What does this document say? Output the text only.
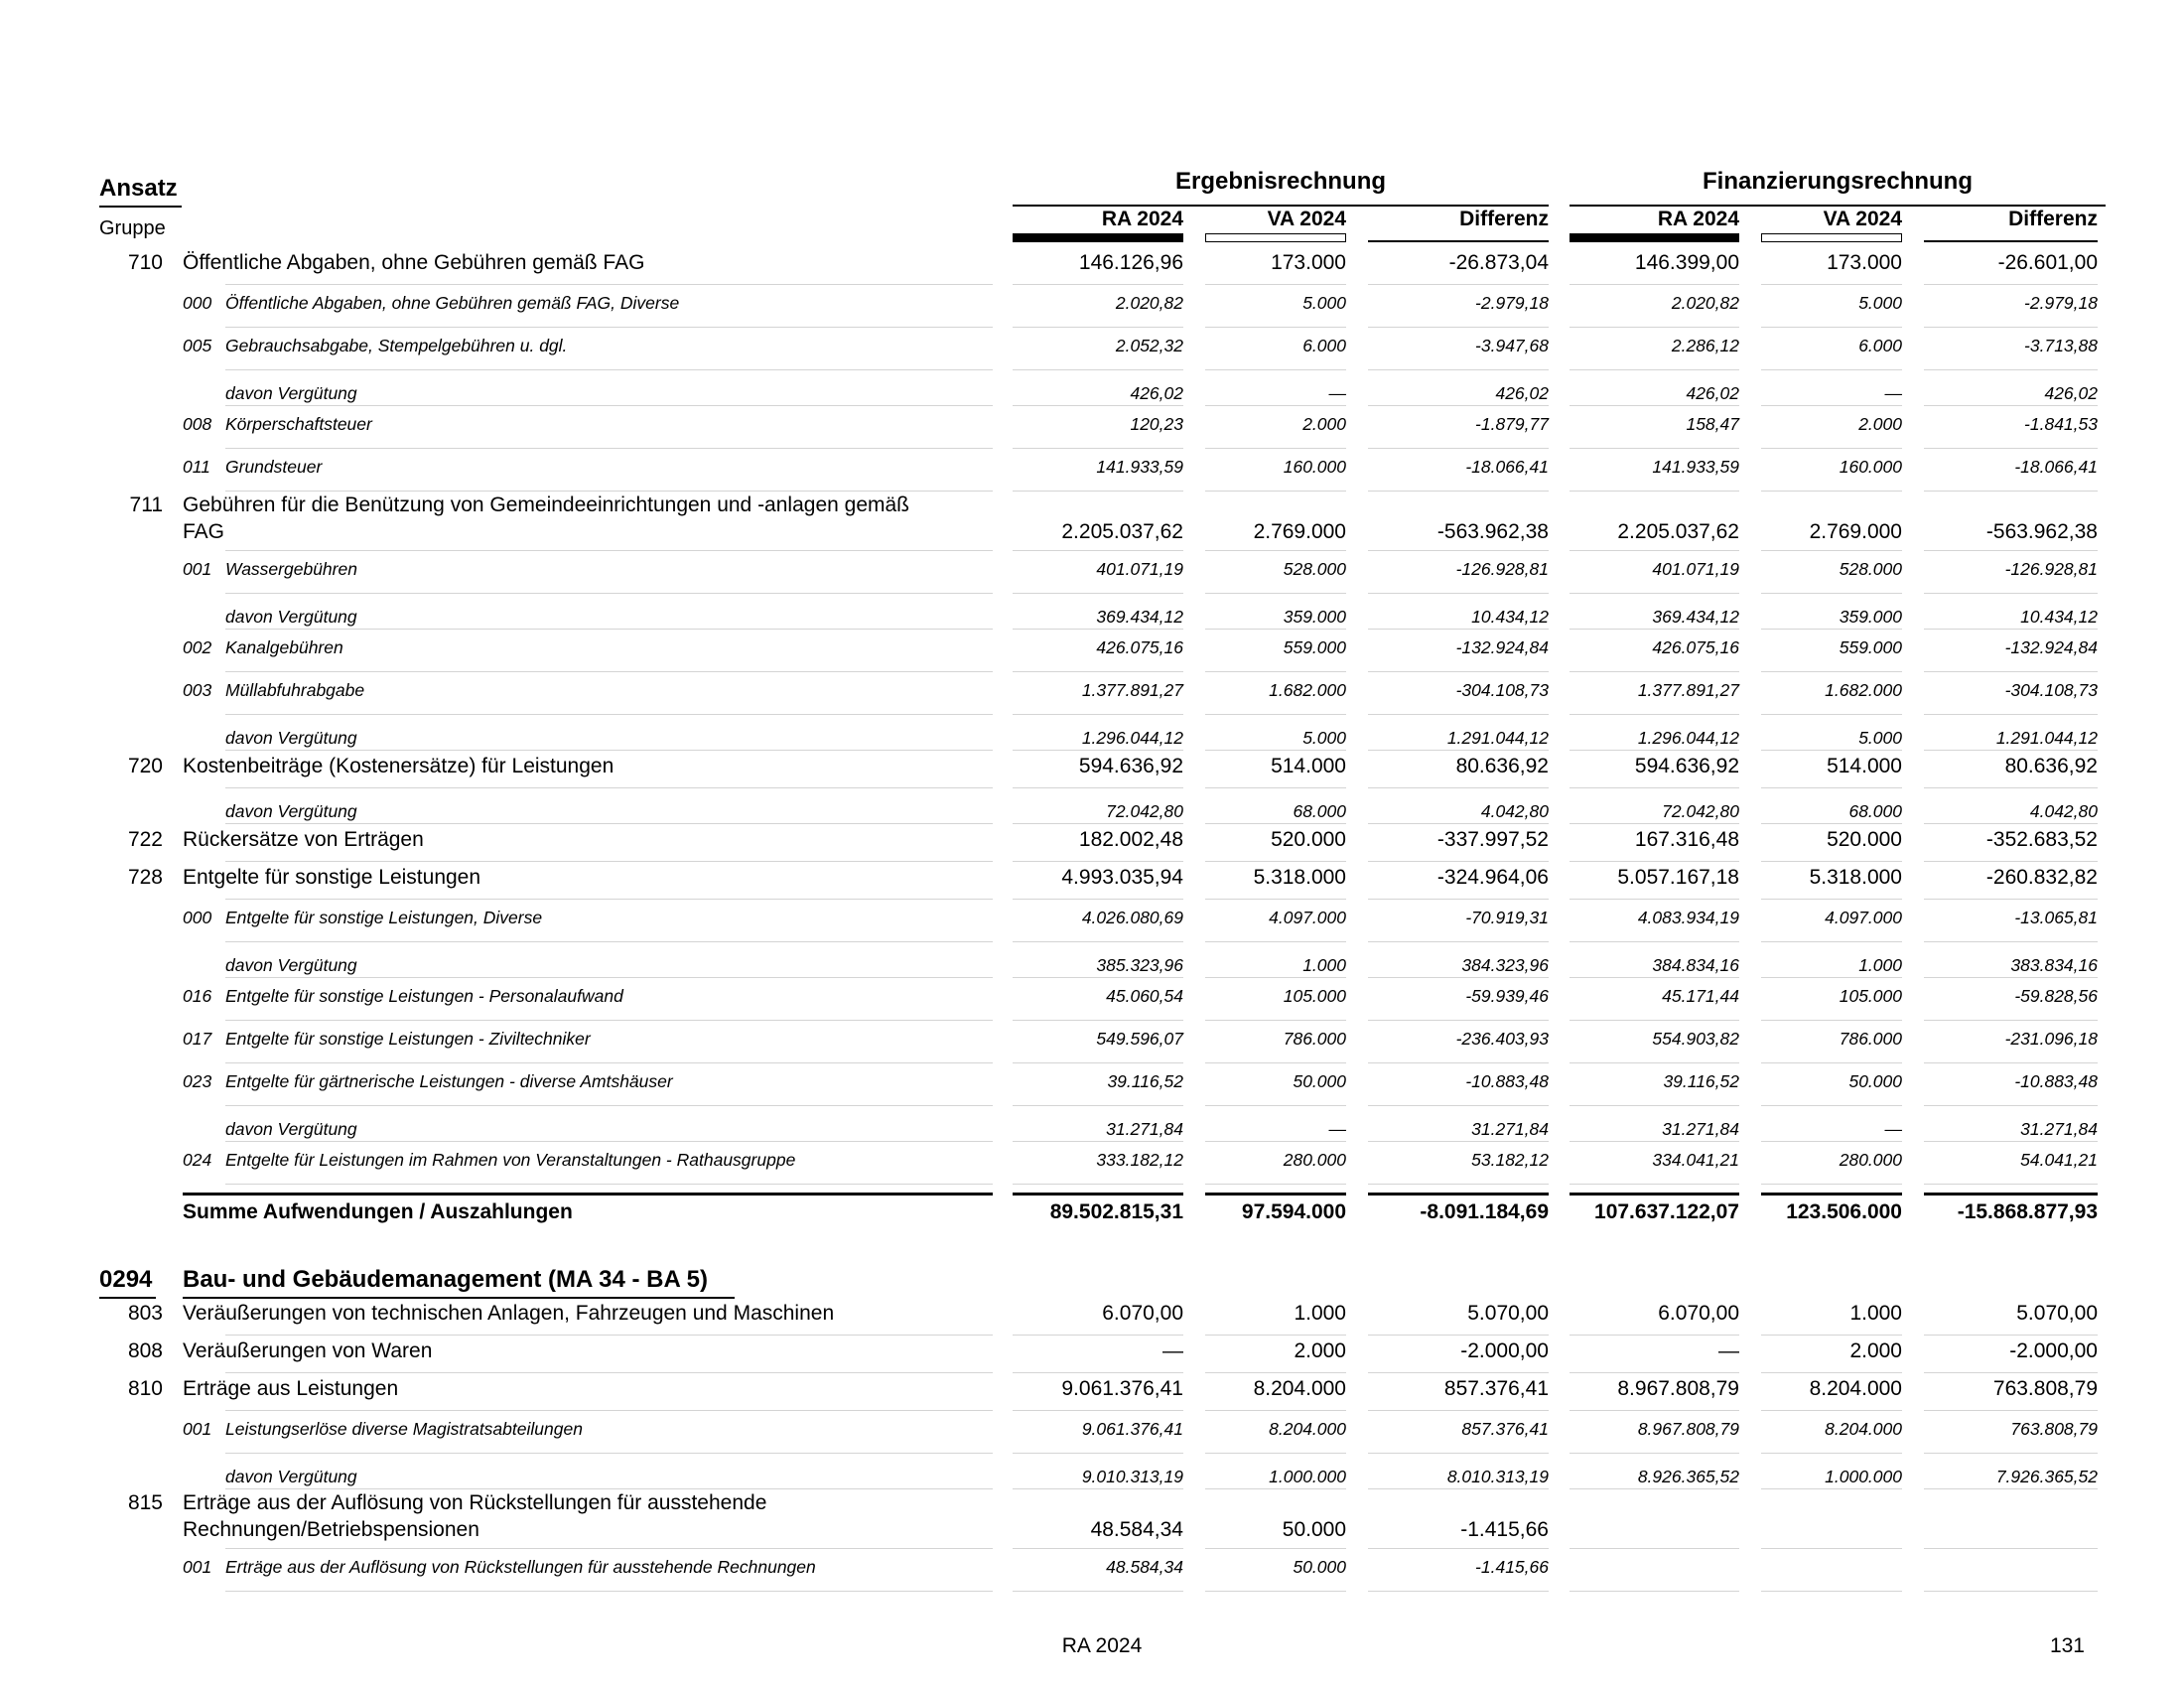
Ansatz
Gruppe
Ergebnisrechnung	Finanzierungsrechnung
RA 2024	VA 2024	Differenz	RA 2024	VA 2024	Differenz
710 Öffentliche Abgaben, ohne Gebühren gemäß FAG	146.126,96	173.000	-26.873,04	146.399,00	173.000	-26.601,00
000 Öffentliche Abgaben, ohne Gebühren gemäß FAG, Diverse	2.020,82	5.000	-2.979,18	2.020,82	5.000	-2.979,18
005 Gebrauchsabgabe, Stempelgebühren u. dgl.	2.052,32	6.000	-3.947,68	2.286,12	6.000	-3.713,88
davon Vergütung	426,02	—	426,02	426,02	—	426,02
008 Körperschaftsteuer	120,23	2.000	-1.879,77	158,47	2.000	-1.841,53
011 Grundsteuer	141.933,59	160.000	-18.066,41	141.933,59	160.000	-18.066,41
711 Gebühren für die Benützung von Gemeindeeinrichtungen und -anlagen gemäß
FAG	2.205.037,62	2.769.000	-563.962,38	2.205.037,62	2.769.000	-563.962,38
001 Wassergebühren	401.071,19	528.000	-126.928,81	401.071,19	528.000	-126.928,81
davon Vergütung	369.434,12	359.000	10.434,12	369.434,12	359.000	10.434,12
002 Kanalgebühren	426.075,16	559.000	-132.924,84	426.075,16	559.000	-132.924,84
003 Müllabfuhrabgabe	1.377.891,27	1.682.000	-304.108,73	1.377.891,27	1.682.000	-304.108,73
davon Vergütung	1.296.044,12	5.000	1.291.044,12	1.296.044,12	5.000	1.291.044,12
720 Kostenbeiträge (Kostenersätze) für Leistungen	594.636,92	514.000	80.636,92	594.636,92	514.000	80.636,92
davon Vergütung	72.042,80	68.000	4.042,80	72.042,80	68.000	4.042,80
722 Rückersätze von Erträgen	182.002,48	520.000	-337.997,52	167.316,48	520.000	-352.683,52
728 Entgelte für sonstige Leistungen	4.993.035,94	5.318.000	-324.964,06	5.057.167,18	5.318.000	-260.832,82
000 Entgelte für sonstige Leistungen, Diverse	4.026.080,69	4.097.000	-70.919,31	4.083.934,19	4.097.000	-13.065,81
davon Vergütung	385.323,96	1.000	384.323,96	384.834,16	1.000	383.834,16
016 Entgelte für sonstige Leistungen - Personalaufwand	45.060,54	105.000	-59.939,46	45.171,44	105.000	-59.828,56
017 Entgelte für sonstige Leistungen - Ziviltechniker	549.596,07	786.000	-236.403,93	554.903,82	786.000	-231.096,18
023 Entgelte für gärtnerische Leistungen - diverse Amtshäuser	39.116,52	50.000	-10.883,48	39.116,52	50.000	-10.883,48
davon Vergütung	31.271,84	—	31.271,84	31.271,84	—	31.271,84
024 Entgelte für Leistungen im Rahmen von Veranstaltungen - Rathausgruppe	333.182,12	280.000	53.182,12	334.041,21	280.000	54.041,21
Summe Aufwendungen / Auszahlungen	89.502.815,31	97.594.000	-8.091.184,69	107.637.122,07	123.506.000	-15.868.877,93
0294 Bau- und Gebäudemanagement (MA 34 - BA 5)
803 Veräußerungen von technischen Anlagen, Fahrzeugen und Maschinen	6.070,00	1.000	5.070,00	6.070,00	1.000	5.070,00
808 Veräußerungen von Waren	—	2.000	-2.000,00	—	2.000	-2.000,00
810 Erträge aus Leistungen	9.061.376,41	8.204.000	857.376,41	8.967.808,79	8.204.000	763.808,79
001 Leistungserlöse diverse Magistratsabteilungen	9.061.376,41	8.204.000	857.376,41	8.967.808,79	8.204.000	763.808,79
davon Vergütung	9.010.313,19	1.000.000	8.010.313,19	8.926.365,52	1.000.000	7.926.365,52
815 Erträge aus der Auflösung von Rückstellungen für ausstehende
Rechnungen/Betriebspensionen	48.584,34	50.000	-1.415,66
001 Erträge aus der Auflösung von Rückstellungen für ausstehende Rechnungen	48.584,34	50.000	-1.415,66
RA 2024	131
